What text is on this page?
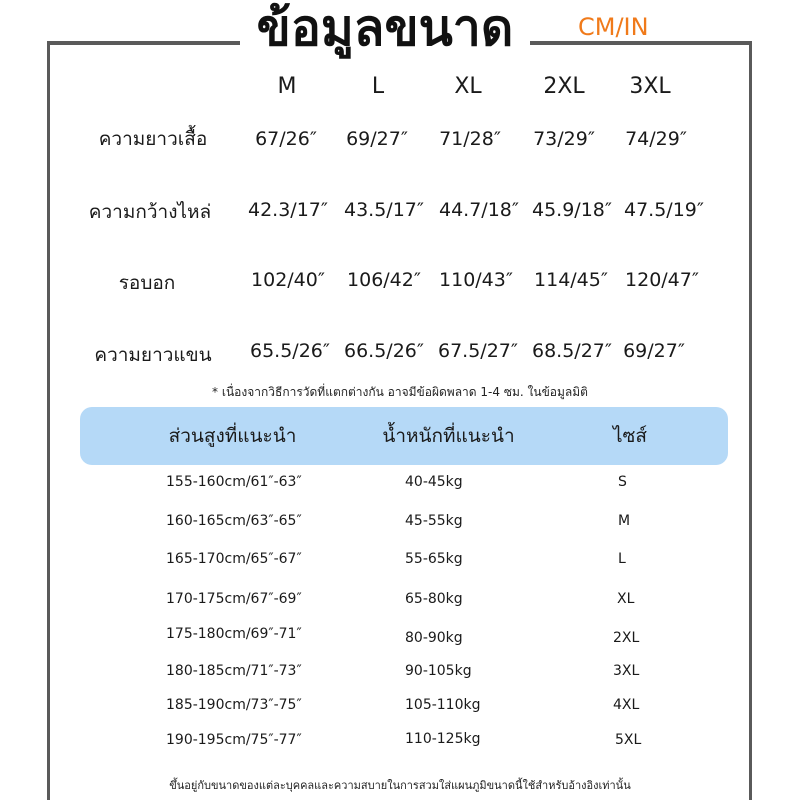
ข้อมูลขนาด	CM/IN
M	L	XL	2XL	3XL
ความยาวเสื้อ	67/26″	69/27″	71/28″	73/29″	74/29″
ความกว้างไหล่	42.3/17″ 43.5/17″ 44.7/18″ 45.9/18″ 47.5/19″
รอบอก	102/40″	106/42″ 110/43″	114/45″ 120/47″
ความยาวแขน	65.5/26″ 66.5/26″ 67.5/27″ 68.5/27″ 69/27″
* เนื่องจากวิธีการวัดที่แตกต่างกัน อาจมีข้อผิดพลาด 1-4 ซม. ในข้อมูลมิติ
ส่วนสูงที่แนะนำ	น้ำหนักที่แนะนำ	ไซส์
155-160cm/61″-63″	40-45kg	S
160-165cm/63″-65″	45-55kg	M
165-170cm/65″-67″	55-65kg	L
170-175cm/67″-69″	65-80kg	XL
175-180cm/69″-71″	80-90kg	2XL
180-185cm/71″-73″	90-105kg	3XL
185-190cm/73″-75″	105-110kg	4XL
190-195cm/75″-77″	110-125kg	5XL
ขึ้นอยู่กับขนาดของแต่ละบุคคลและความสบายในการสวมใส่แผนภูมิขนาดนี้ใช้สำหรับอ้างอิงเท่านั้น
